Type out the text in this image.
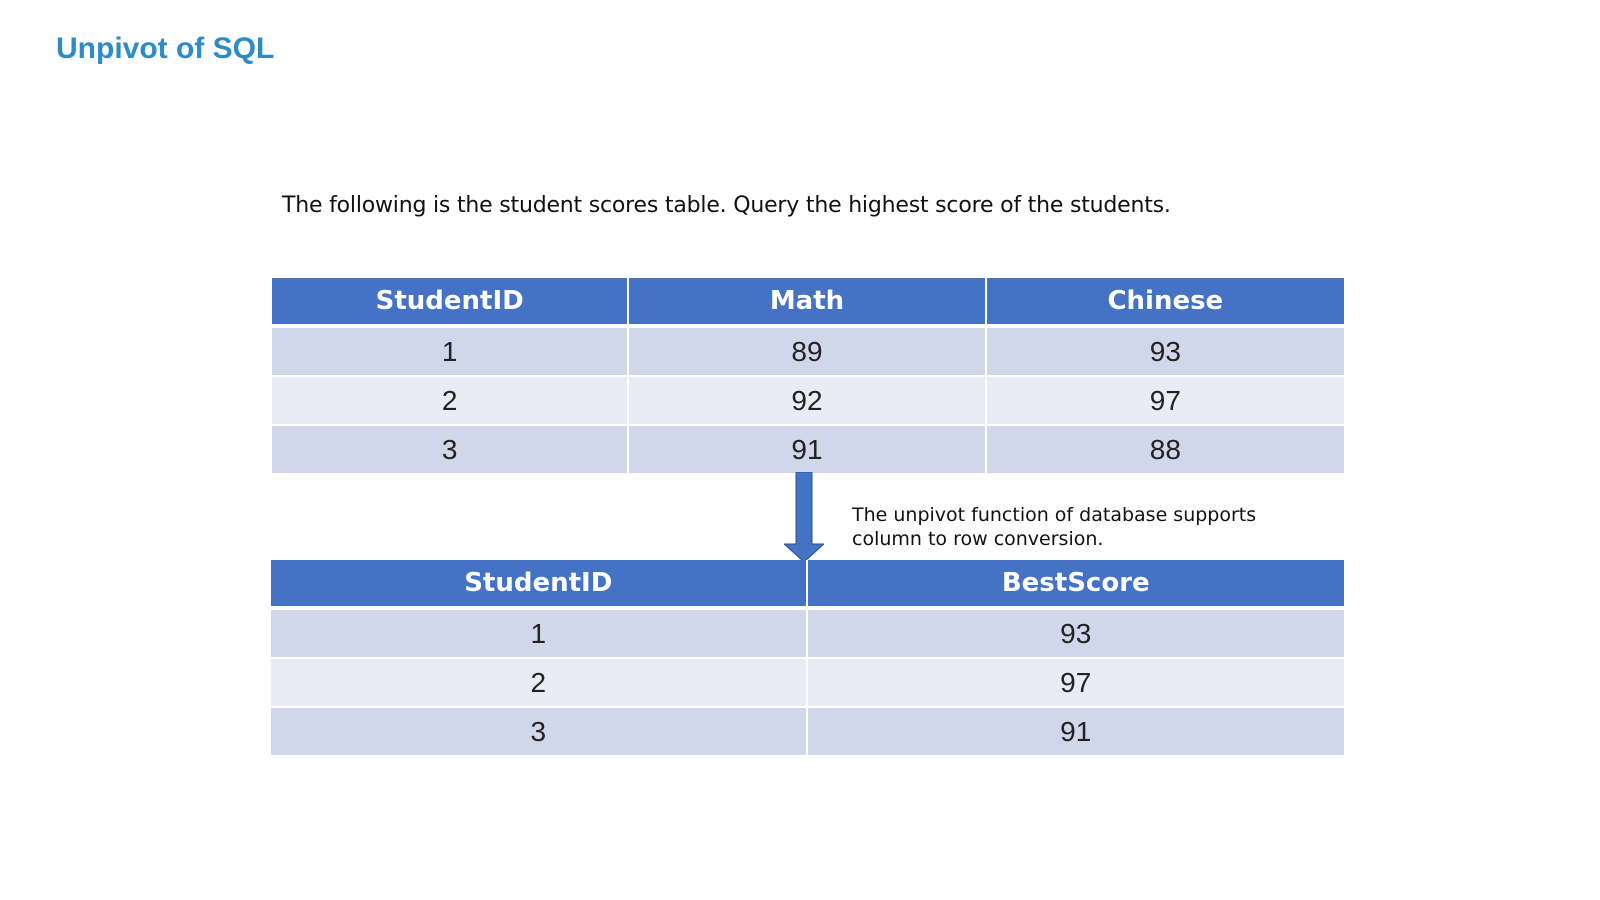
Unpivot of SQL

The following is the student scores table. Query the highest score of the students.

StudentID	Math	Chinese
1	89	93
2	92	97
3	91	88

The unpivot function of database supports
column to row conversion.

StudentID	BestScore
1	93
2	97
3	91
